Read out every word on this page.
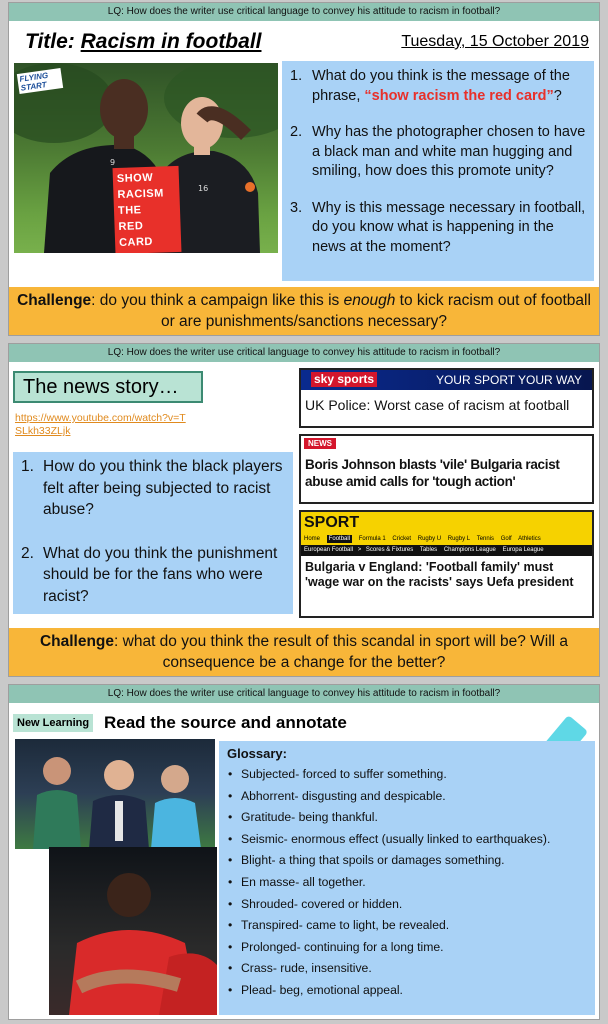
LQ: How does the writer use critical language to convey his attitude to racism in football?
Title: Racism in football	Tuesday, 15 October 2019
16
9
SHOW
RACISM
THE
RED
CARD
FLYING START
1. What do you think is the message of the phrase, “show racism the red card”?
2. Why has the photographer chosen to have a black man and white man hugging and smiling, how does this promote unity?
3. Why is this message necessary in football, do you know what is happening in the news at the moment?
Challenge: do you think a campaign like this is enough to kick racism out of football or are punishments/sanctions necessary?
LQ: How does the writer use critical language to convey his attitude to racism in football?
The news story…
https://www.youtube.com/watch?v=T
SLkh33ZLjk
1. How do you think the black players felt after being subjected to racist abuse?
2. What do you think the punishment should be for the fans who were racist?
sky sports	YOUR SPORT YOUR WAY
UK Police: Worst case of racism at football
NEWS
Boris Johnson blasts 'vile' Bulgaria racist abuse amid calls for 'tough action'
SPORT
Home Football Formula 1 Cricket Rugby U Rugby L Tennis Golf Athletics
European Football > Scores & Fixtures Tables Champions League Europa League
Bulgaria v England: 'Football family' must 'wage war on the racists' says Uefa president
Challenge: what do you think the result of this scandal in sport will be? Will a consequence be a change for the better?
LQ: How does the writer use critical language to convey his attitude to racism in football?
New Learning Read the source and annotate
Glossary:
• Subjected- forced to suffer something.
• Abhorrent- disgusting and despicable.
• Gratitude- being thankful.
• Seismic- enormous effect (usually linked to earthquakes).
• Blight- a thing that spoils or damages something.
• En masse- all together.
• Shrouded- covered or hidden.
• Transpired- came to light, be revealed.
• Prolonged- continuing for a long time.
• Crass- rude, insensitive.
• Plead- beg, emotional appeal.
